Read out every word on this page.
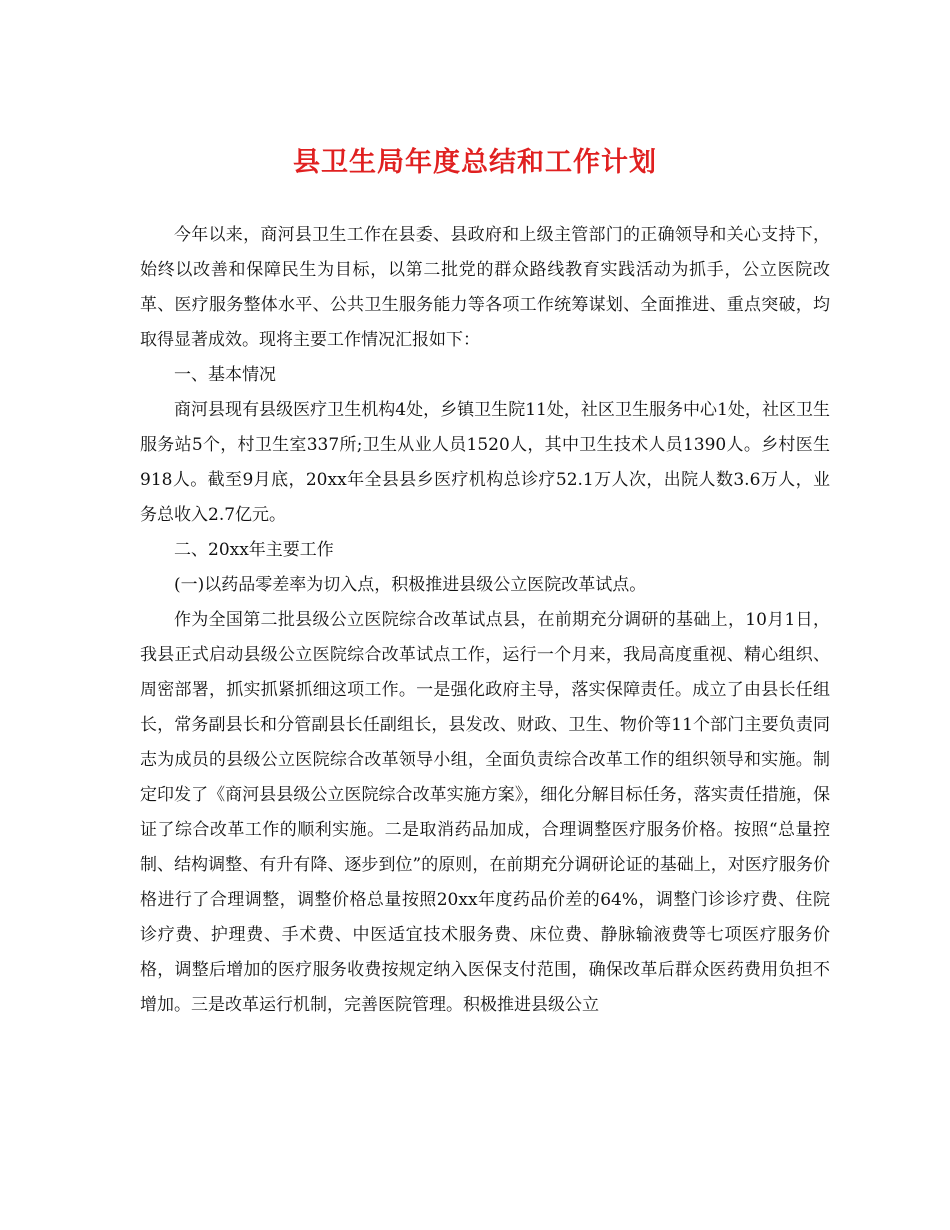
县卫生局年度总结和工作计划

今年以来，商河县卫生工作在县委、县政府和上级主管部门的正确领导和关心支持下，始终以改善和保障民生为目标，以第二批党的群众路线教育实践活动为抓手，公立医院改革、医疗服务整体水平、公共卫生服务能力等各项工作统筹谋划、全面推进、重点突破，均取得显著成效。现将主要工作情况汇报如下：

一、基本情况

商河县现有县级医疗卫生机构4处，乡镇卫生院11处，社区卫生服务中心1处，社区卫生服务站5个，村卫生室337所;卫生从业人员1520人，其中卫生技术人员1390人。乡村医生918人。截至9月底，20xx年全县县乡医疗机构总诊疗52.1万人次，出院人数3.6万人，业务总收入2.7亿元。

二、20xx年主要工作

(一)以药品零差率为切入点，积极推进县级公立医院改革试点。

作为全国第二批县级公立医院综合改革试点县，在前期充分调研的基础上，10月1日，我县正式启动县级公立医院综合改革试点工作，运行一个月来，我局高度重视、精心组织、周密部署，抓实抓紧抓细这项工作。一是强化政府主导，落实保障责任。成立了由县长任组长，常务副县长和分管副县长任副组长，县发改、财政、卫生、物价等11个部门主要负责同志为成员的县级公立医院综合改革领导小组，全面负责综合改革工作的组织领导和实施。制定印发了《商河县县级公立医院综合改革实施方案》，细化分解目标任务，落实责任措施，保证了综合改革工作的顺利实施。二是取消药品加成，合理调整医疗服务价格。按照“总量控制、结构调整、有升有降、逐步到位”的原则，在前期充分调研论证的基础上，对医疗服务价格进行了合理调整，调整价格总量按照20xx年度药品价差的64%，调整门诊诊疗费、住院诊疗费、护理费、手术费、中医适宜技术服务费、床位费、静脉输液费等七项医疗服务价格，调整后增加的医疗服务收费按规定纳入医保支付范围，确保改革后群众医药费用负担不增加。三是改革运行机制，完善医院管理。积极推进县级公立
